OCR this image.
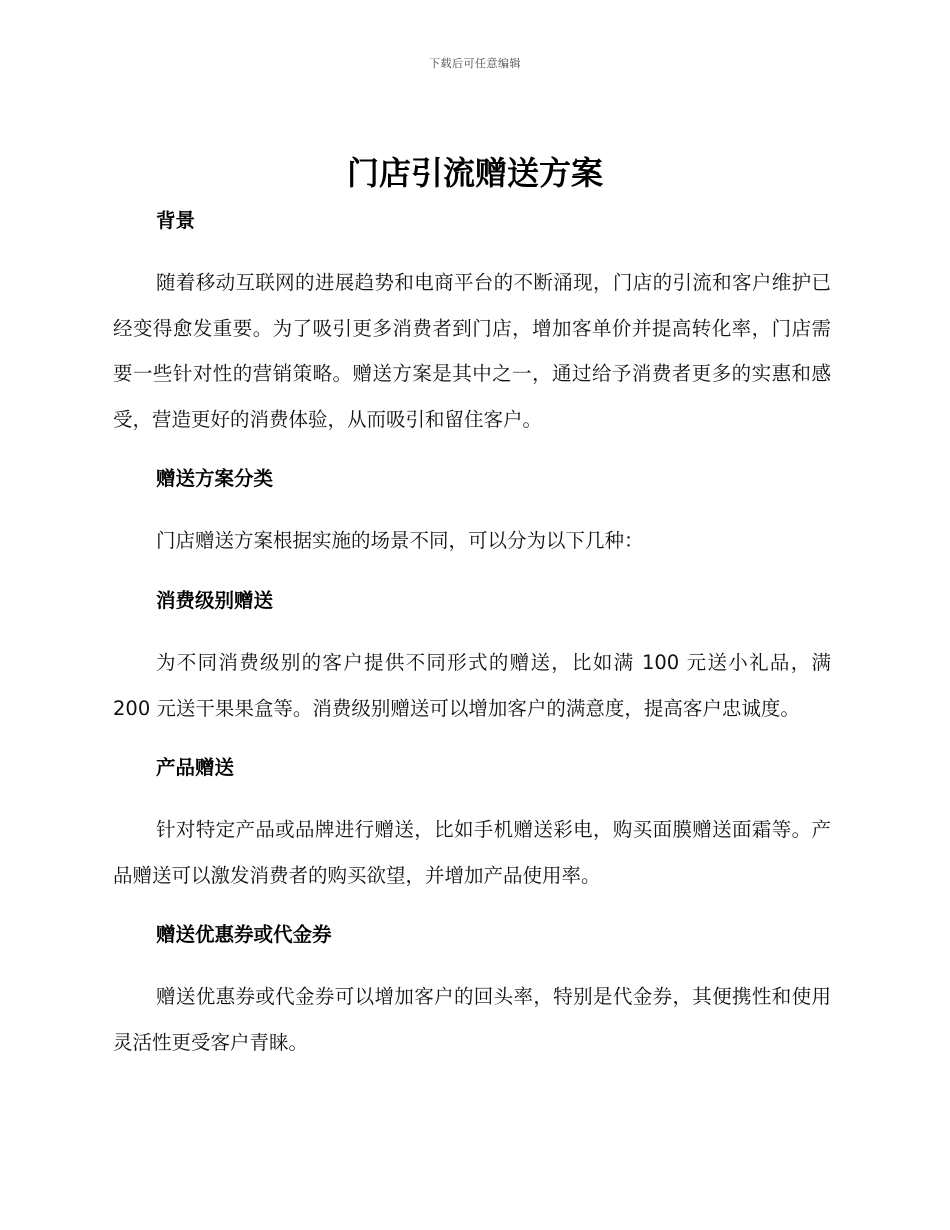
下载后可任意编辑
门店引流赠送方案

背景

随着移动互联网的进展趋势和电商平台的不断涌现，门店的引流和客户维护已经变得愈发重要。为了吸引更多消费者到门店，增加客单价并提高转化率，门店需要一些针对性的营销策略。赠送方案是其中之一，通过给予消费者更多的实惠和感受，营造更好的消费体验，从而吸引和留住客户。

赠送方案分类

门店赠送方案根据实施的场景不同，可以分为以下几种：

消费级别赠送

为不同消费级别的客户提供不同形式的赠送，比如满 100 元送小礼品，满 200 元送干果果盒等。消费级别赠送可以增加客户的满意度，提高客户忠诚度。

产品赠送

针对特定产品或品牌进行赠送，比如手机赠送彩电，购买面膜赠送面霜等。产品赠送可以激发消费者的购买欲望，并增加产品使用率。

赠送优惠券或代金券

赠送优惠券或代金券可以增加客户的回头率，特别是代金券，其便携性和使用灵活性更受客户青睐。
